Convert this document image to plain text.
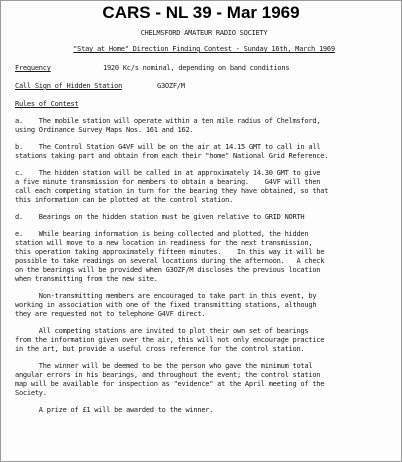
CARS - NL 39 - Mar 1969
CHELMSFORD AMATEUR RADIO SOCIETY
"Stay at Home" Direction Finding Contest - Sunday 16th, March 1969
Frequency	1920 Kc/s nominal, depending on band conditions
Call Sign of Hidden Station	G3OZF/M
Rules of Contest
a.    The mobile station will operate within a ten mile radius of Chelmsford,
using Ordinance Survey Maps Nos. 161 and 162.
b.    The Control Station G4VF will be on the air at 14.15 GMT to call in all
stations taking part and obtain from each their "home" National Grid Reference.
c.    The hidden station will be called in at approximately 14.30 GMT to give
a five minute transmission for members to obtain a bearing.    G4VF will then
call each competing station in turn for the bearing they have obtained, so that
this information can be plotted at the control station.
d.    Bearings on the hidden station must be given relative to GRID NORTH
e.    While bearing information is being collected and plotted, the hidden
station will move to a new location in readiness for the next transmission,
this operation taking approximately fifteen minutes.    In this way it will be
possible to take readings on several locations during the afternoon.   A check
on the bearings will be provided when G3OZF/M discloses the previous location
when transmitting from the new site.
Non-transmitting members are encouraged to take part in this event, by
working in association with one of the fixed transmitting stations, although
they are requested not to telephone G4VF direct.
All competing stations are invited to plot their own set of bearings
from the information given over the air, this will not only encourage practice
in the art, but provide a useful cross reference for the control station.
The winner will be deemed to be the person who gave the minimum total
angular errors in his bearings, and throughout the event; the control station
map will be available for inspection as "evidence" at the April meeting of the
Society.
A prize of £1 will be awarded to the winner.
